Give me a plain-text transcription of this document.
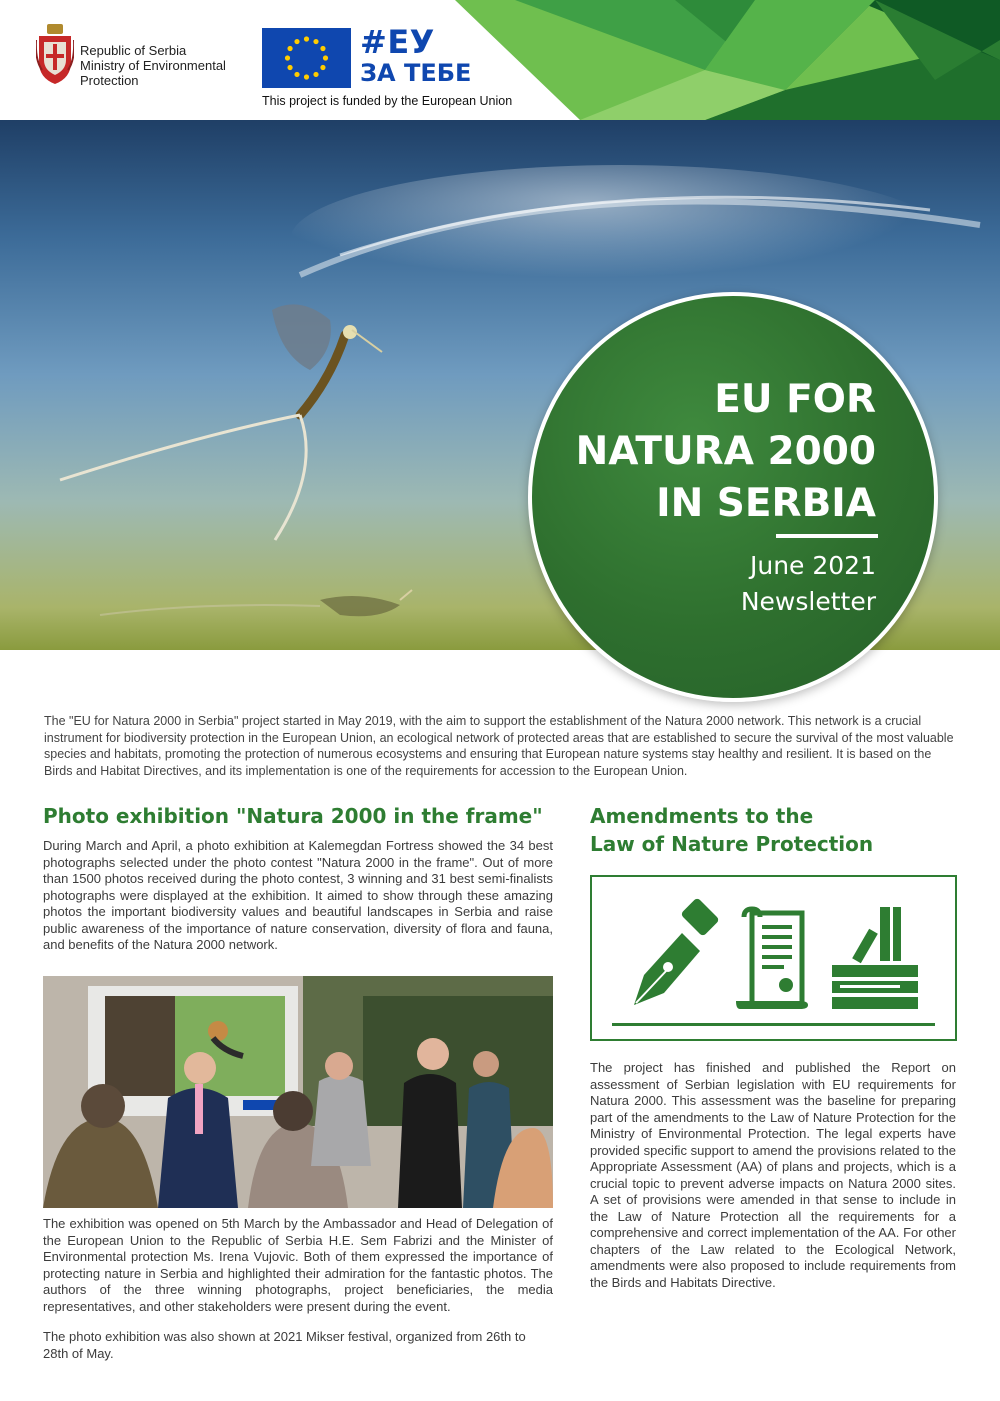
Republic of Serbia
Ministry of Environmental
Protection
#ЕУ
ЗА ТЕБЕ
This project is funded by the European Union
EU FOR
NATURA 2000
IN SERBIA
June 2021
Newsletter

The "EU for Natura 2000 in Serbia" project started in May 2019, with the aim to support the establishment of the Natura 2000 network. This network is a crucial instrument for biodiversity protection in the European Union, an ecological network of protected areas that are established to secure the survival of the most valuable species and habitats, promoting the protection of numerous ecosystems and ensuring that European nature systems stay healthy and resilient. It is based on the Birds and Habitat Directives, and its implementation is one of the requirements for accession to the European Union.

Photo exhibition "Natura 2000 in the frame"

During March and April, a photo exhibition at Kalemegdan Fortress showed the 34 best photographs selected under the photo contest "Natura 2000 in the frame". Out of more than 1500 photos received during the photo contest, 3 winning and 31 best semi-finalists photographs were displayed at the exhibition. It aimed to show through these amazing photos the important biodiversity values and beautiful landscapes in Serbia and raise public awareness of the importance of nature conservation, diversity of flora and fauna, and benefits of the Natura 2000 network.

The exhibition was opened on 5th March by the Ambassador and Head of Delegation of the European Union to the Republic of Serbia H.E. Sem Fabrizi and the Minister of Environmental protection Ms. Irena Vujovic. Both of them expressed the importance of protecting nature in Serbia and highlighted their admiration for the fantastic photos. The authors of the three winning photographs, project beneficiaries, the media representatives, and other stakeholders were present during the event.

The photo exhibition was also shown at 2021 Mikser festival, organized from 26th to 28th of May.

Amendments to the
Law of Nature Protection

The project has finished and published the Report on assessment of Serbian legislation with EU requirements for Natura 2000. This assessment was the baseline for preparing part of the amendments to the Law of Nature Protection for the Ministry of Environmental Protection. The legal experts have provided specific support to amend the provisions related to the Appropriate Assessment (AA) of plans and projects, which is a crucial topic to prevent adverse impacts on Natura 2000 sites. A set of provisions were amended in that sense to include in the Law of Nature Protection all the requirements for a comprehensive and correct implementation of the AA. For other chapters of the Law related to the Ecological Network, amendments were also proposed to include requirements from the Birds and Habitats Directive.
